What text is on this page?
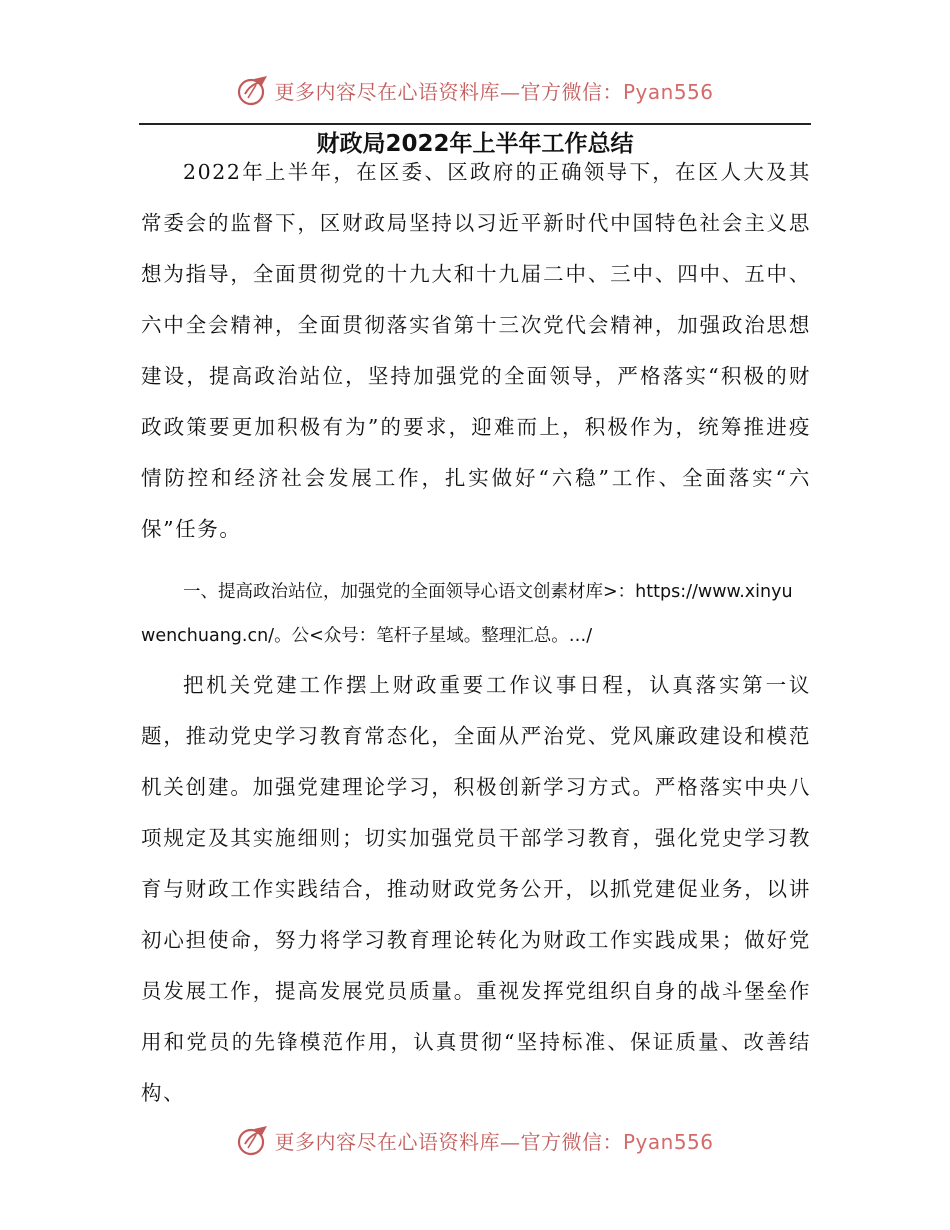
更多内容尽在心语资料库—官方微信：Pyan556
财政局2022年上半年工作总结

2022年上半年，在区委、区政府的正确领导下，在区人大及其常委会的监督下，区财政局坚持以习近平新时代中国特色社会主义思想为指导，全面贯彻党的十九大和十九届二中、三中、四中、五中、六中全会精神，全面贯彻落实省第十三次党代会精神，加强政治思想建设，提高政治站位，坚持加强党的全面领导，严格落实“积极的财政政策要更加积极有为”的要求，迎难而上，积极作为，统筹推进疫情防控和经济社会发展工作，扎实做好“六稳”工作、全面落实“六保”任务。

一、提高政治站位，加强党的全面领导心语文创素材库>：https://www.xinyuwenchuang.cn/。公<众号：笔杆子星域。整理汇总。…/

把机关党建工作摆上财政重要工作议事日程，认真落实第一议题，推动党史学习教育常态化，全面从严治党、党风廉政建设和模范机关创建。加强党建理论学习，积极创新学习方式。严格落实中央八项规定及其实施细则；切实加强党员干部学习教育，强化党史学习教育与财政工作实践结合，推动财政党务公开，以抓党建促业务，以讲初心担使命，努力将学习教育理论转化为财政工作实践成果；做好党员发展工作，提高发展党员质量。重视发挥党组织自身的战斗堡垒作用和党员的先锋模范作用，认真贯彻“坚持标准、保证质量、改善结构、

更多内容尽在心语资料库—官方微信：Pyan556
